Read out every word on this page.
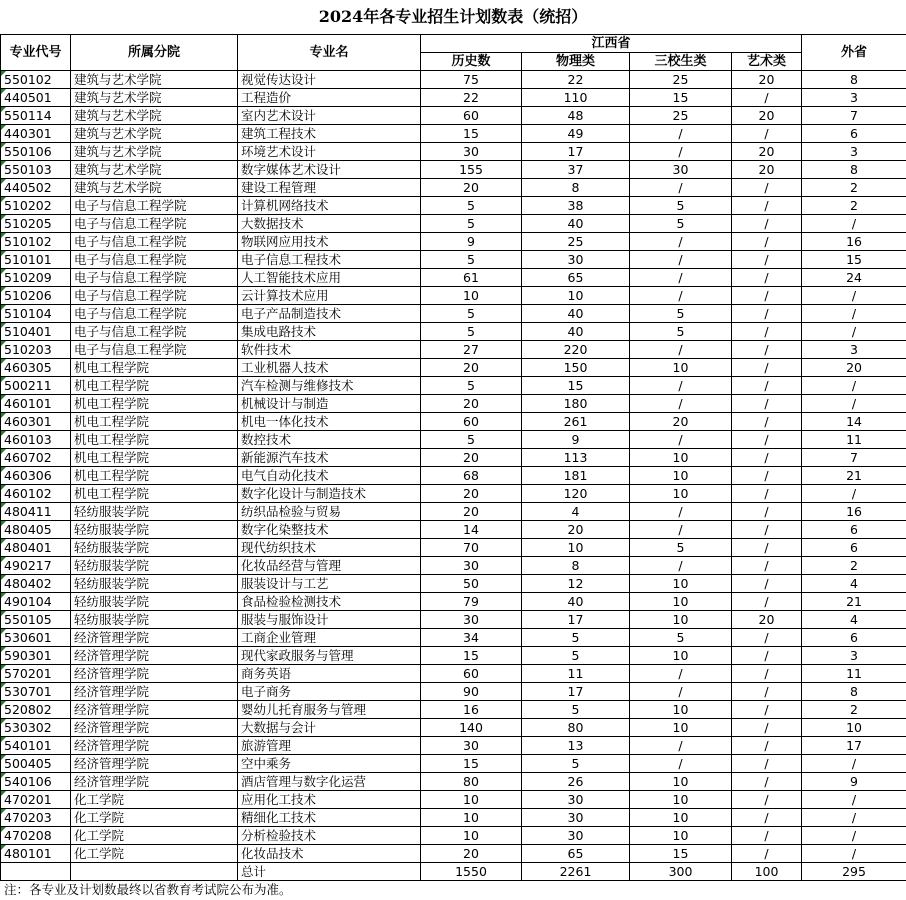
2024年各专业招生计划数表（统招）
专业代号	所属分院	专业名	江西省				外省
			历史数	物理类	三校生类	艺术类	
550102	建筑与艺术学院	视觉传达设计	75	22	25	20	8
440501	建筑与艺术学院	工程造价	22	110	15	/	3
550114	建筑与艺术学院	室内艺术设计	60	48	25	20	7
440301	建筑与艺术学院	建筑工程技术	15	49	/	/	6
550106	建筑与艺术学院	环境艺术设计	30	17	/	20	3
550103	建筑与艺术学院	数字媒体艺术设计	155	37	30	20	8
440502	建筑与艺术学院	建设工程管理	20	8	/	/	2
510202	电子与信息工程学院	计算机网络技术	5	38	5	/	2
510205	电子与信息工程学院	大数据技术	5	40	5	/	/
510102	电子与信息工程学院	物联网应用技术	9	25	/	/	16
510101	电子与信息工程学院	电子信息工程技术	5	30	/	/	15
510209	电子与信息工程学院	人工智能技术应用	61	65	/	/	24
510206	电子与信息工程学院	云计算技术应用	10	10	/	/	/
510104	电子与信息工程学院	电子产品制造技术	5	40	5	/	/
510401	电子与信息工程学院	集成电路技术	5	40	5	/	/
510203	电子与信息工程学院	软件技术	27	220	/	/	3
460305	机电工程学院	工业机器人技术	20	150	10	/	20
500211	机电工程学院	汽车检测与维修技术	5	15	/	/	/
460101	机电工程学院	机械设计与制造	20	180	/	/	/
460301	机电工程学院	机电一体化技术	60	261	20	/	14
460103	机电工程学院	数控技术	5	9	/	/	11
460702	机电工程学院	新能源汽车技术	20	113	10	/	7
460306	机电工程学院	电气自动化技术	68	181	10	/	21
460102	机电工程学院	数字化设计与制造技术	20	120	10	/	/
480411	轻纺服装学院	纺织品检验与贸易	20	4	/	/	16
480405	轻纺服装学院	数字化染整技术	14	20	/	/	6
480401	轻纺服装学院	现代纺织技术	70	10	5	/	6
490217	轻纺服装学院	化妆品经营与管理	30	8	/	/	2
480402	轻纺服装学院	服装设计与工艺	50	12	10	/	4
490104	轻纺服装学院	食品检验检测技术	79	40	10	/	21
550105	轻纺服装学院	服装与服饰设计	30	17	10	20	4
530601	经济管理学院	工商企业管理	34	5	5	/	6
590301	经济管理学院	现代家政服务与管理	15	5	10	/	3
570201	经济管理学院	商务英语	60	11	/	/	11
530701	经济管理学院	电子商务	90	17	/	/	8
520802	经济管理学院	婴幼儿托育服务与管理	16	5	10	/	2
530302	经济管理学院	大数据与会计	140	80	10	/	10
540101	经济管理学院	旅游管理	30	13	/	/	17
500405	经济管理学院	空中乘务	15	5	/	/	/
540106	经济管理学院	酒店管理与数字化运营	80	26	10	/	9
470201	化工学院	应用化工技术	10	30	10	/	/
470203	化工学院	精细化工技术	10	30	10	/	/
470208	化工学院	分析检验技术	10	30	10	/	/
480101	化工学院	化妆品技术	20	65	15	/	/
		总计	1550	2261	300	100	295
注：各专业及计划数最终以省教育考试院公布为准。
